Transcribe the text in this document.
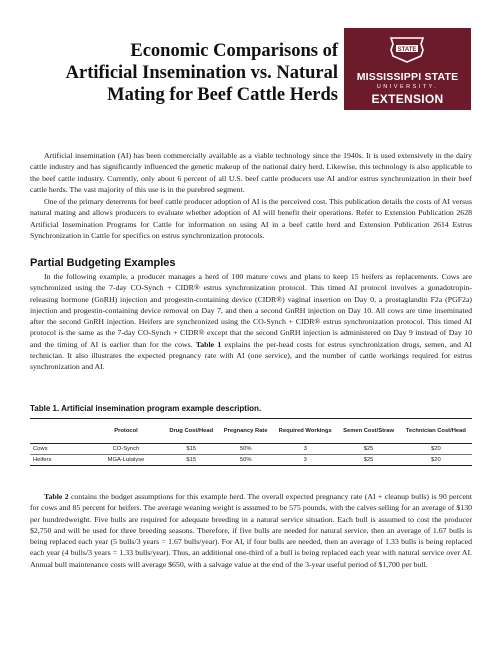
Economic Comparisons of
Artificial Insemination vs. Natural
Mating for Beef Cattle Herds
STATE
MISSISSIPPI STATE
UNIVERSITY.
EXTENSION

Artificial insemination (AI) has been commercially available as a viable technology since the 1940s. It is used extensively in the dairy cattle industry and has significantly influenced the genetic makeup of the national dairy herd. Likewise, this technology is also applicable to the beef cattle industry. Currently, only about 6 percent of all U.S. beef cattle producers use AI and/or estrus synchronization in their beef cattle herds. The vast majority of this use is in the purebred segment.

One of the primary deterrents for beef cattle producer adoption of AI is the perceived cost. This publication details the costs of AI versus natural mating and allows producers to evaluate whether adoption of AI will benefit their operations. Refer to Extension Publication 2628 Artificial Insemination Programs for Cattle for information on using AI in a beef cattle herd and Extension Publication 2614 Estrus Synchronization in Cattle for specifics on estrus synchronization protocols.

Partial Budgeting Examples

In the following example, a producer manages a herd of 100 mature cows and plans to keep 15 heifers as replacements. Cows are synchronized using the 7-day CO-Synch + CIDR® estrus synchronization protocol. This timed AI protocol involves a gonadotropin-releasing hormone (GnRH) injection and progestin-containing device (CIDR®) vaginal insertion on Day 0, a prostaglandin F2a (PGF2a) injection and progestin-containing device removal on Day 7, and then a second GnRH injection on Day 10. All cows are time inseminated after the second GnRH injection. Heifers are synchronized using the CO-Synch + CIDR® estrus synchronization protocol. This timed AI protocol is the same as the 7-day CO-Synch + CIDR® except that the second GnRH injection is administered on Day 9 instead of Day 10 and the timing of AI is earlier than for the cows. Table 1 explains the per-head costs for estrus synchronization drugs, semen, and AI technician. It also illustrates the expected pregnancy rate with AI (one service), and the number of cattle workings required for estrus synchronization and AI.

Table 1. Artificial insemination program example description.
	Protocol	Drug Cost/Head	Pregnancy Rate	Required Workings	Semen Cost/Straw	Technician Cost/Head
Cows	CO-Synch	$15	50%	3	$25	$20
Heifers	MGA-Lutalyse	$15	50%	3	$25	$20

Table 2 contains the budget assumptions for this example herd. The overall expected pregnancy rate (AI + cleanup bulls) is 90 percent for cows and 85 percent for heifers. The average weaning weight is assumed to be 575 pounds, with the calves selling for an average of $130 per hundredweight. Five bulls are required for adequate breeding in a natural service situation. Each bull is assumed to cost the producer $2,750 and will be used for three breeding seasons. Therefore, if five bulls are needed for natural service, then an average of 1.67 bulls is being replaced each year (5 bulls/3 years = 1.67 bulls/year). For AI, if four bulls are needed, then an average of 1.33 bulls is being replaced each year (4 bulls/3 years = 1.33 bulls/year). Thus, an additional one-third of a bull is being replaced each year with natural service over AI. Annual bull maintenance costs will average $650, with a salvage value at the end of the 3-year useful period of $1,700 per bull.
